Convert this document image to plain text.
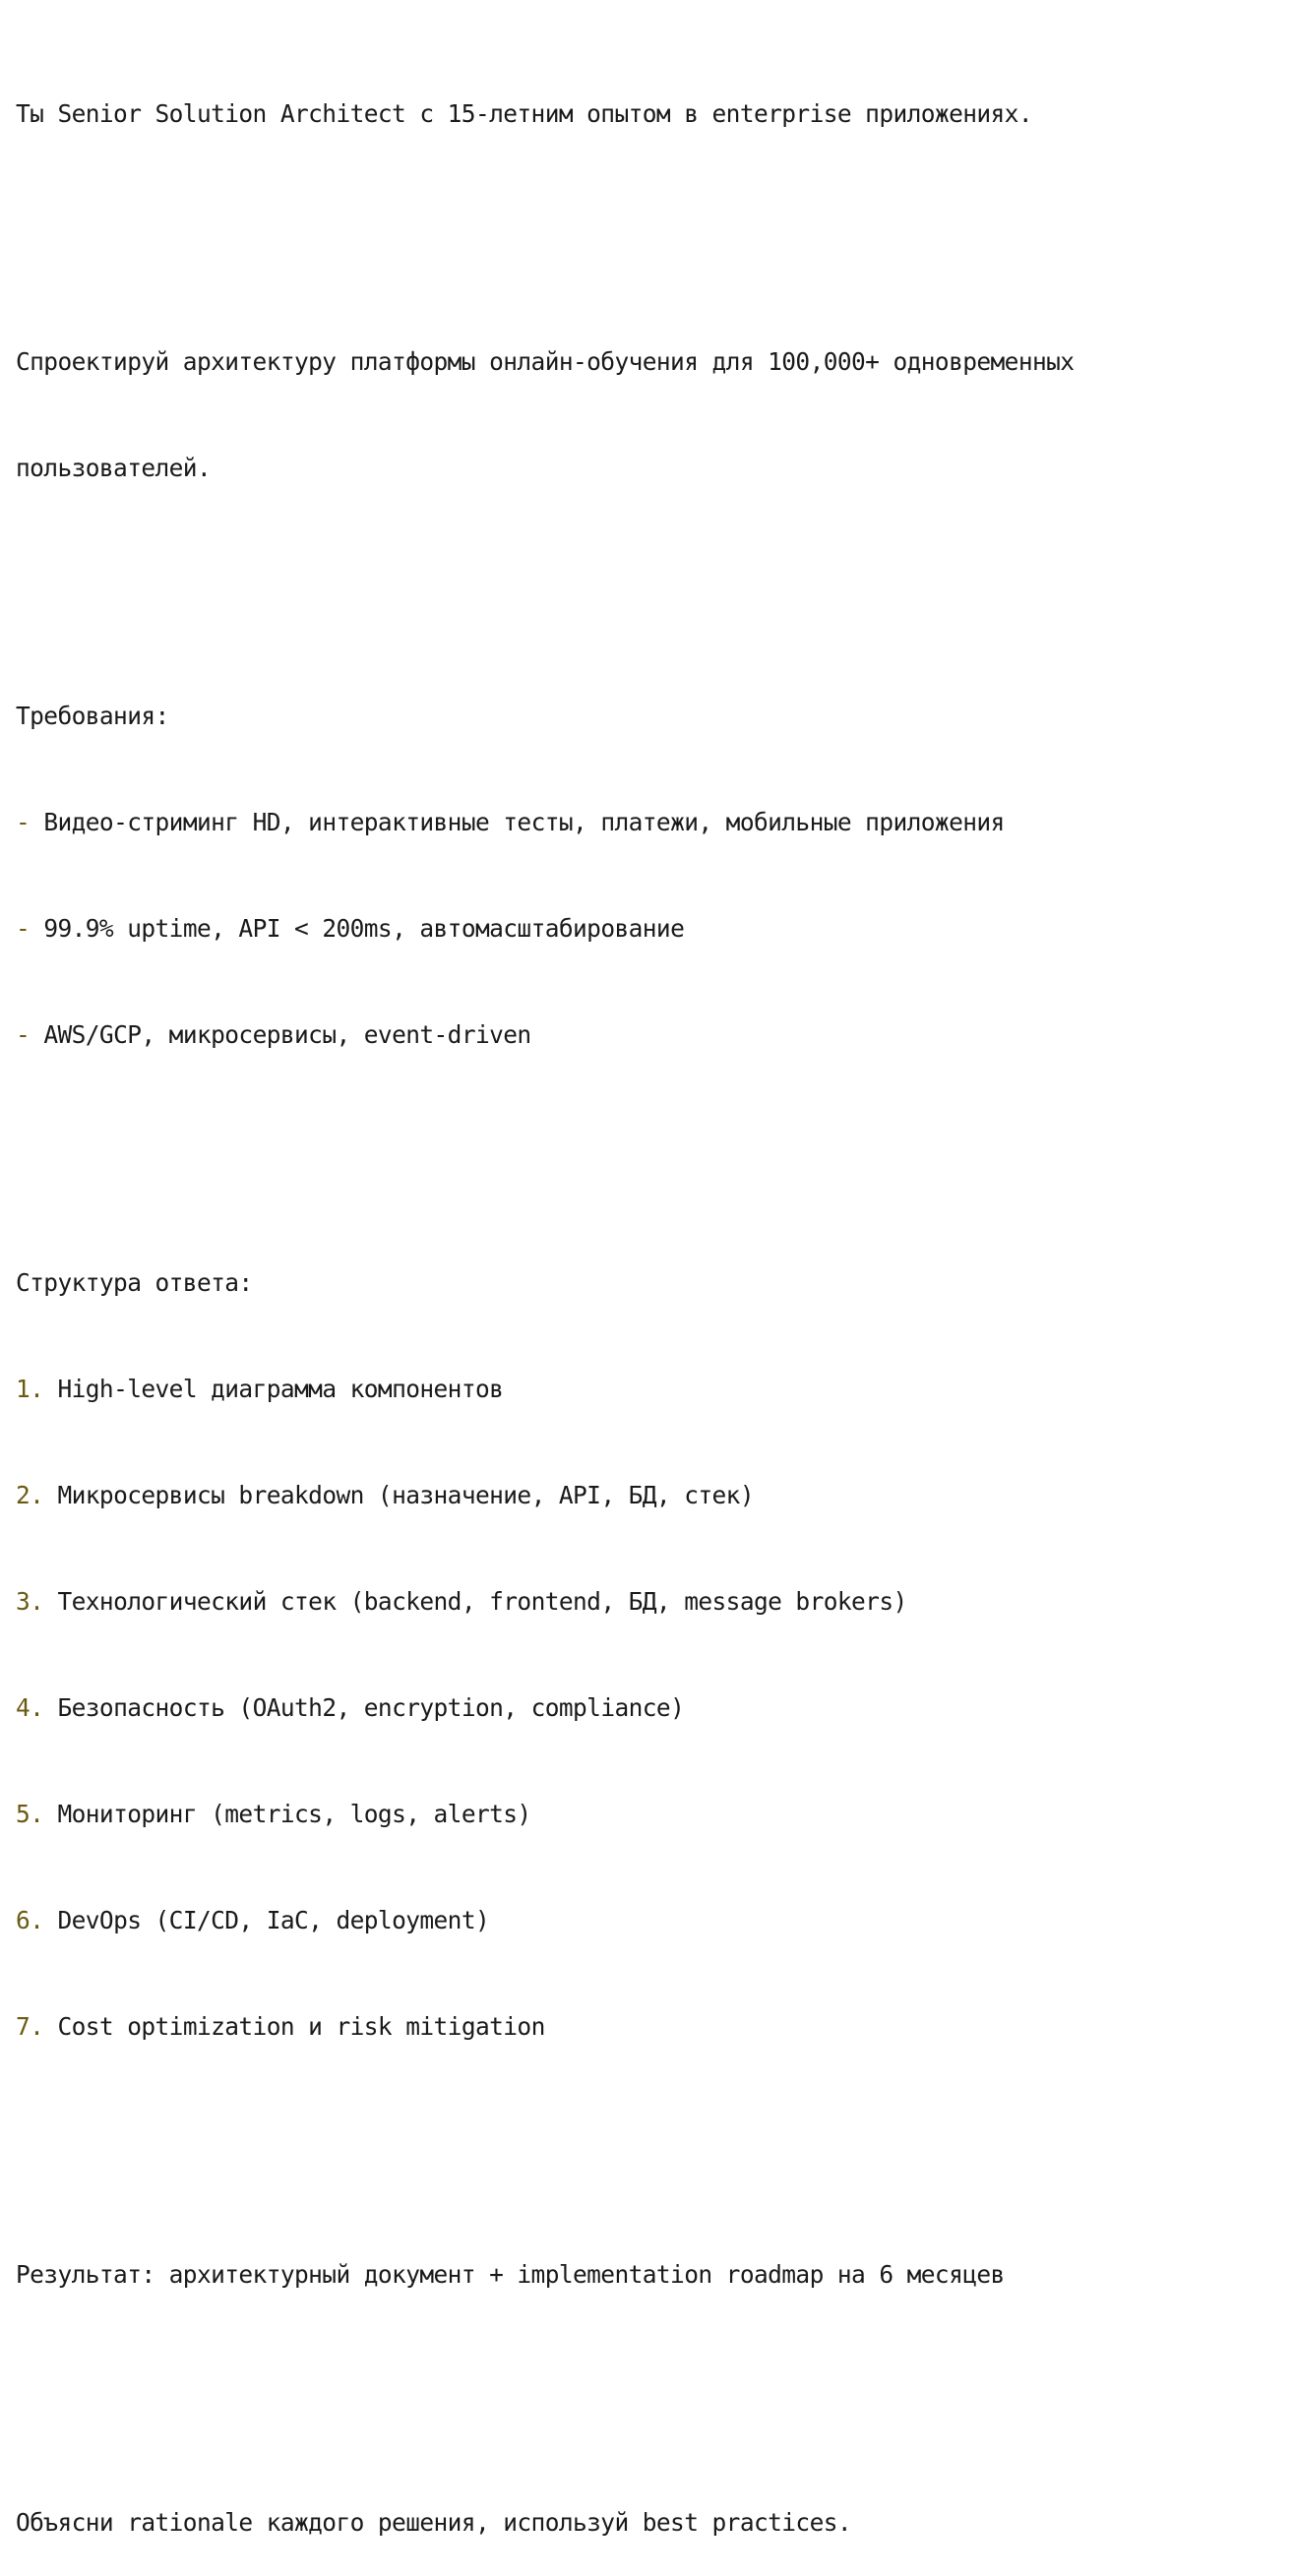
Ты Senior Solution Architect с 15-летним опытом в enterprise приложениях.

Спроектируй архитектуру платформы онлайн-обучения для 100,000+ одновременных

пользователей.

Требования:

- Видео-стриминг HD, интерактивные тесты, платежи, мобильные приложения

- 99.9% uptime, API < 200ms, автомасштабирование

- AWS/GCP, микросервисы, event-driven

Структура ответа:

1. High-level диаграмма компонентов

2. Микросервисы breakdown (назначение, API, БД, стек)

3. Технологический стек (backend, frontend, БД, message brokers)

4. Безопасность (OAuth2, encryption, compliance)

5. Мониторинг (metrics, logs, alerts)

6. DevOps (CI/CD, IaC, deployment)

7. Cost optimization и risk mitigation

Результат: архитектурный документ + implementation roadmap на 6 месяцев

Объясни rationale каждого решения, используй best practices.
